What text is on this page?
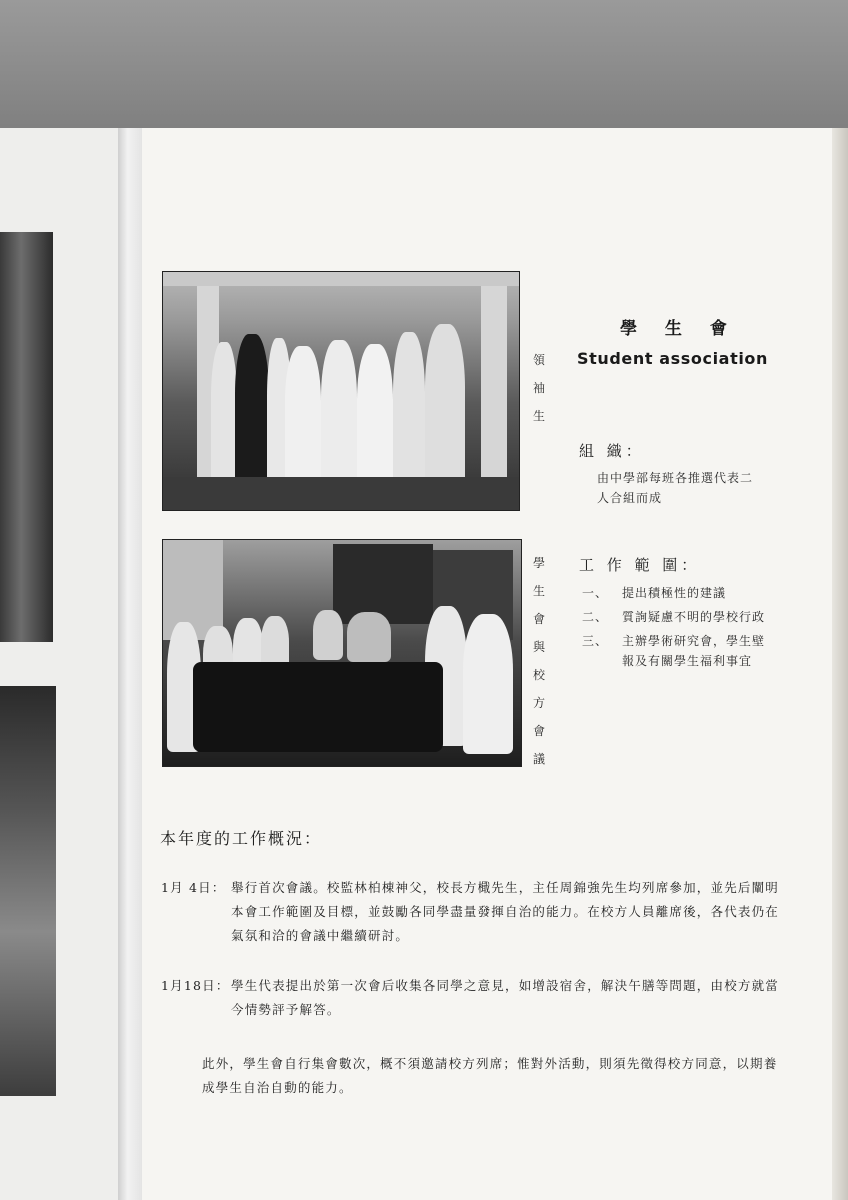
領
袖
生
學
生
會
與
校
方
會
議
學 生 會
Student association
組 織：
由中學部每班各推選代表二人合組而成
工 作 範 圍：
一、	提出積極性的建議
二、	質詢疑慮不明的學校行政
三、	主辦學術研究會，學生壁報及有關學生福利事宜
本年度的工作概況：
1月 4日： 舉行首次會議。校監林柏棟神父，校長方檝先生，主任周錦強先生均列席參加，並先后闡明本會工作範圍及目標，並鼓勵各同學盡量發揮自治的能力。在校方人員離席後，各代表仍在氣氛和洽的會議中繼續研討。
1月18日： 學生代表提出於第一次會后收集各同學之意見，如增設宿舍，解決午膳等問題，由校方就當今情勢評予解答。
此外，學生會自行集會數次，概不須邀請校方列席；惟對外活動，則須先徵得校方同意，以期養成學生自治自動的能力。
